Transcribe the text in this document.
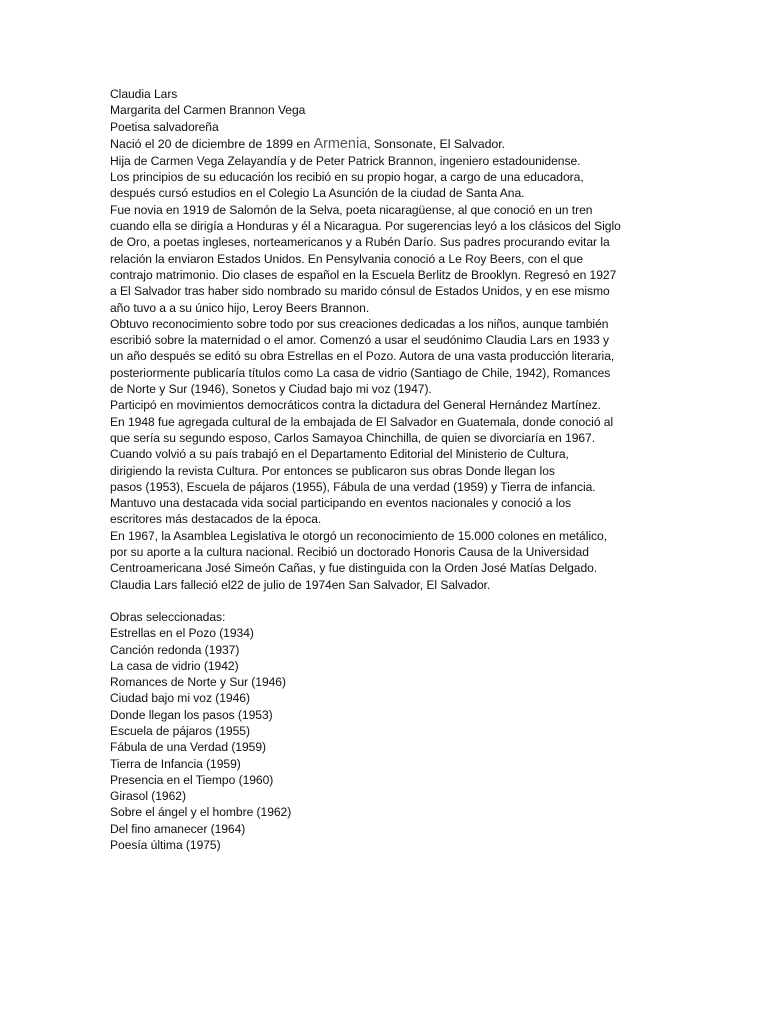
Claudia Lars
Margarita del Carmen Brannon Vega
Poetisa salvadoreña
Nació el 20 de diciembre de 1899 en Armenia, Sonsonate, El Salvador.
Hija de Carmen Vega Zelayandía y de Peter Patrick Brannon, ingeniero estadounidense.
Los principios de su educación los recibió en su propio hogar, a cargo de una educadora,
después cursó estudios en el Colegio La Asunción de la ciudad de Santa Ana.
Fue novia en 1919 de Salomón de la Selva, poeta nicaragüense, al que conoció en un tren
cuando ella se dirigía a Honduras y él a Nicaragua. Por sugerencias leyó a los clásicos del Siglo
de Oro, a poetas ingleses, norteamericanos y a Rubén Darío. Sus padres procurando evitar la
relación la enviaron Estados Unidos. En Pensylvania conoció a Le Roy Beers, con el que
contrajo matrimonio. Dio clases de español en la Escuela Berlitz de Brooklyn. Regresó en 1927
a El Salvador tras haber sido nombrado su marido cónsul de Estados Unidos, y en ese mismo
año tuvo a a su único hijo, Leroy Beers Brannon.
Obtuvo reconocimiento sobre todo por sus creaciones dedicadas a los niños, aunque también
escribió sobre la maternidad o el amor. Comenzó a usar el seudónimo Claudia Lars en 1933 y
un año después se editó su obra Estrellas en el Pozo. Autora de una vasta producción literaria,
posteriormente publicaría títulos como La casa de vidrio (Santiago de Chile, 1942), Romances
de Norte y Sur (1946), Sonetos y Ciudad bajo mi voz (1947).
Participó en movimientos democráticos contra la dictadura del General Hernández Martínez.
En 1948 fue agregada cultural de la embajada de El Salvador en Guatemala, donde conoció al
que sería su segundo esposo, Carlos Samayoa Chinchilla, de quien se divorciaría en 1967.
Cuando volvió a su país trabajó en el Departamento Editorial del Ministerio de Cultura,
dirigiendo la revista Cultura. Por entonces se publicaron sus obras Donde llegan los
pasos (1953), Escuela de pájaros (1955), Fábula de una verdad (1959) y Tierra de infancia.
Mantuvo una destacada vida social participando en eventos nacionales y conoció a los
escritores más destacados de la época.
En 1967, la Asamblea Legislativa le otorgó un reconocimiento de 15.000 colones en metálico,
por su aporte a la cultura nacional. Recibió un doctorado Honoris Causa de la Universidad
Centroamericana José Simeón Cañas, y fue distinguida con la Orden José Matías Delgado.
Claudia Lars falleció el22 de julio de 1974en San Salvador, El Salvador.
Obras seleccionadas:
Estrellas en el Pozo (1934)
Canción redonda (1937)
La casa de vidrio (1942)
Romances de Norte y Sur (1946)
Ciudad bajo mi voz (1946)
Donde llegan los pasos (1953)
Escuela de pájaros (1955)
Fábula de una Verdad (1959)
Tierra de Infancia (1959)
Presencia en el Tiempo (1960)
Girasol (1962)
Sobre el ángel y el hombre (1962)
Del fino amanecer (1964)
Poesía última (1975)
